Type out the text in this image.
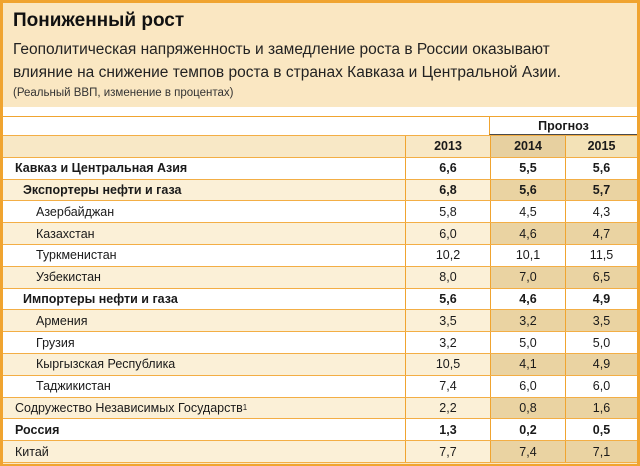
Пониженный рост
Геополитическая напряженность и замедление роста в России оказывают влияние на снижение темпов роста в странах Кавказа и Центральной Азии.
(Реальный ВВП, изменение в процентах)
Прогноз
2013	2014	2015
Кавказ и Центральная Азия	6,6	5,5	5,6
Экспортеры нефти и газа	6,8	5,6	5,7
Азербайджан	5,8	4,5	4,3
Казахстан	6,0	4,6	4,7
Туркменистан	10,2	10,1	11,5
Узбекистан	8,0	7,0	6,5
Импортеры нефти и газа	5,6	4,6	4,9
Армения	3,5	3,2	3,5
Грузия	3,2	5,0	5,0
Кыргызская Республика	10,5	4,1	4,9
Таджикистан	7,4	6,0	6,0
Содружество Независимых Государств 1	2,2	0,8	1,6
Россия	1,3	0,2	0,5
Китай	7,7	7,4	7,1
